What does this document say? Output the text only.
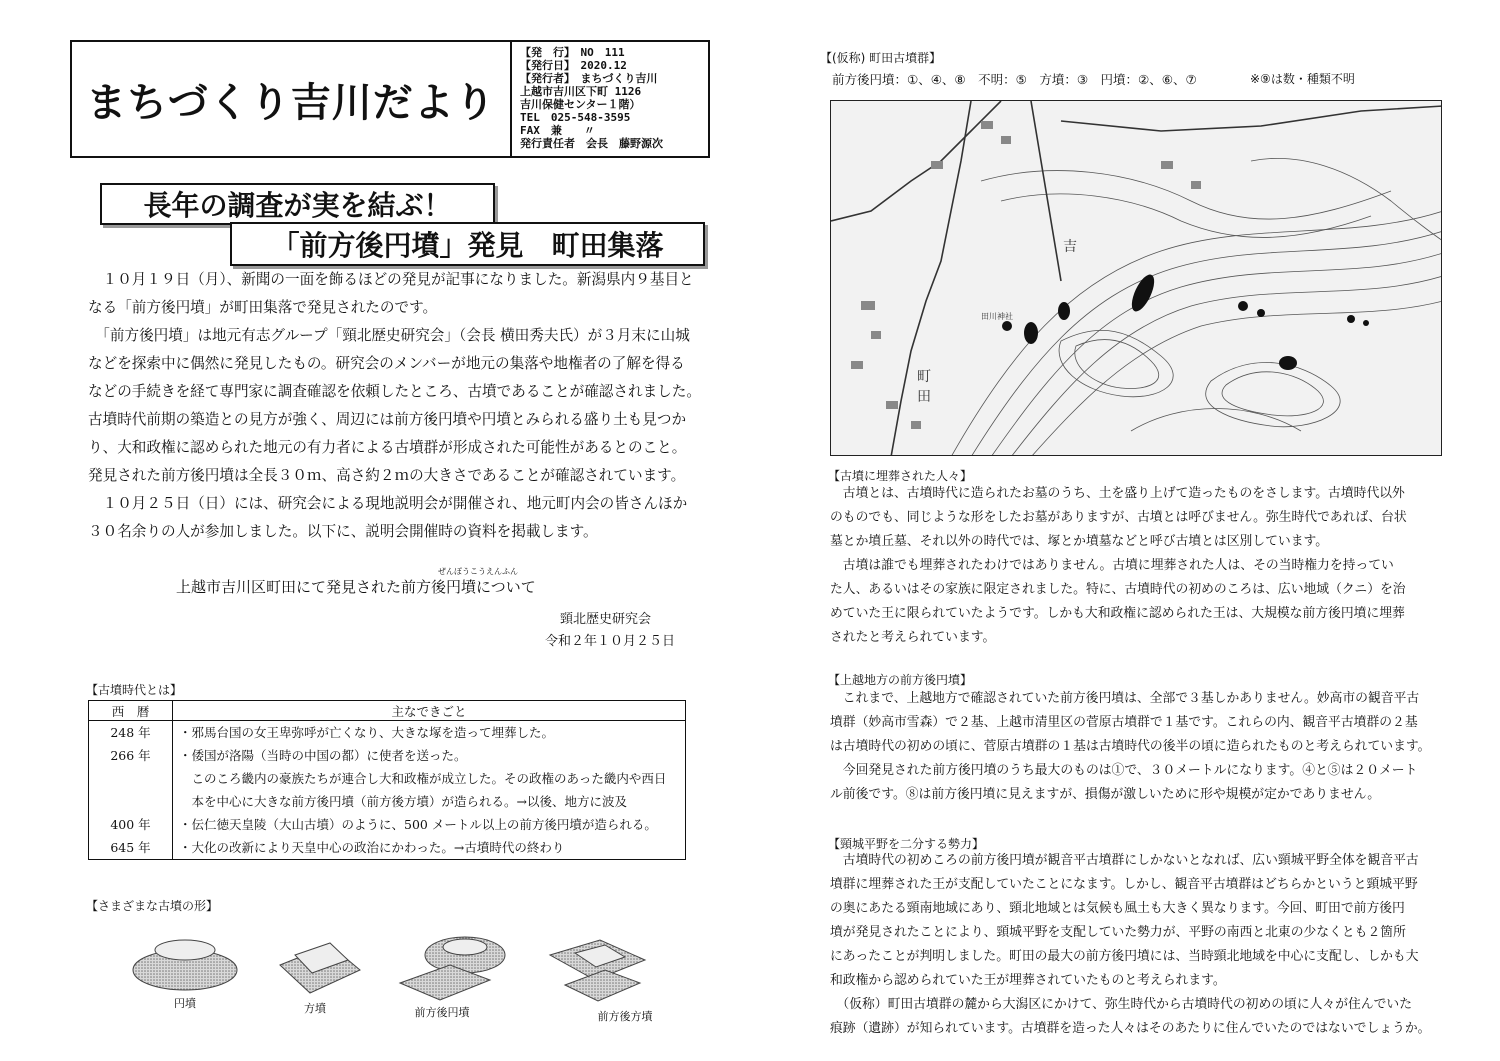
まちづくり吉川だより
【発　行】　NO　111
【発行日】　2020.12
【発行者】　まちづくり吉川
上越市吉川区下町 1126
吉川保健センター１階）
TEL　025-548-3595
FAX　兼　　〃
発行責任者　会長　藤野源次
長年の調査が実を結ぶ！
「前方後円墳」発見　町田集落
　１０月１９日（月）、新聞の一面を飾るほどの発見が記事になりました。新潟県内９基目と
なる「前方後円墳」が町田集落で発見されたのです。
　「前方後円墳」は地元有志グループ「頸北歴史研究会」（会長 横田秀夫氏）が３月末に山城
などを探索中に偶然に発見したもの。研究会のメンバーが地元の集落や地権者の了解を得る
などの手続きを経て専門家に調査確認を依頼したところ、古墳であることが確認されました。
古墳時代前期の築造との見方が強く、周辺には前方後円墳や円墳とみられる盛り土も見つか
り、大和政権に認められた地元の有力者による古墳群が形成された可能性があるとのこと。
発見された前方後円墳は全長３０ｍ、高さ約２ｍの大きさであることが確認されています。
　１０月２５日（日）には、研究会による現地説明会が開催され、地元町内会の皆さんほか
３０名余りの人が参加しました。以下に、説明会開催時の資料を掲載します。
ぜんぽうこうえんふん
上越市吉川区町田にて発見された前方後円墳について
頸北歴史研究会
令和２年１０月２５日
【古墳時代とは】
西　暦	主なできごと
248 年	・邪馬台国の女王卑弥呼が亡くなり、大きな塚を造って埋葬した。
266 年	・倭国が洛陽（当時の中国の都）に使者を送った。
	　このころ畿内の豪族たちが連合し大和政権が成立した。その政権のあった畿内や西日
	　本を中心に大きな前方後円墳（前方後方墳）が造られる。→以後、地方に波及
400 年	・伝仁徳天皇陵（大山古墳）のように、500 メートル以上の前方後円墳が造られる。
645 年	・大化の改新により天皇中心の政治にかわった。→古墳時代の終わり
【さまざまな古墳の形】
円墳	方墳	前方後円墳	前方後方墳
【(仮称) 町田古墳群】
前方後円墳：①、④、⑧　不明：⑤　方墳：③　円墳：②、⑥、⑦	※⑨は数・種類不明
吉
町
田
田川神社
【古墳に埋葬された人々】
　古墳とは、古墳時代に造られたお墓のうち、土を盛り上げて造ったものをさします。古墳時代以外
のものでも、同じような形をしたお墓がありますが、古墳とは呼びません。弥生時代であれば、台状
墓とか墳丘墓、それ以外の時代では、塚とか墳墓などと呼び古墳とは区別しています。
　古墳は誰でも埋葬されたわけではありません。古墳に埋葬された人は、その当時権力を持ってい
た人、あるいはその家族に限定されました。特に、古墳時代の初めのころは、広い地域（クニ）を治
めていた王に限られていたようです。しかも大和政権に認められた王は、大規模な前方後円墳に埋葬
されたと考えられています。
【上越地方の前方後円墳】
　これまで、上越地方で確認されていた前方後円墳は、全部で３基しかありません。妙高市の観音平古
墳群（妙高市雪森）で２基、上越市清里区の菅原古墳群で１基です。これらの内、観音平古墳群の２基
は古墳時代の初めの頃に、菅原古墳群の１基は古墳時代の後半の頃に造られたものと考えられています。
　今回発見された前方後円墳のうち最大のものは①で、３０メートルになります。④と⑤は２０メート
ル前後です。⑧は前方後円墳に見えますが、損傷が激しいために形や規模が定かでありません。
【頸城平野を二分する勢力】
　古墳時代の初めころの前方後円墳が観音平古墳群にしかないとなれば、広い頸城平野全体を観音平古
墳群に埋葬された王が支配していたことになます。しかし、観音平古墳群はどちらかというと頸城平野
の奥にあたる頸南地域にあり、頸北地域とは気候も風土も大きく異なります。今回、町田で前方後円
墳が発見されたことにより、頸城平野を支配していた勢力が、平野の南西と北東の少なくとも２箇所
にあったことが判明しました。町田の最大の前方後円墳には、当時頸北地域を中心に支配し、しかも大
和政権から認められていた王が埋葬されていたものと考えられます。
　（仮称）町田古墳群の麓から大潟区にかけて、弥生時代から古墳時代の初めの頃に人々が住んでいた
痕跡（遺跡）が知られています。古墳群を造った人々はそのあたりに住んでいたのではないでしょうか。
